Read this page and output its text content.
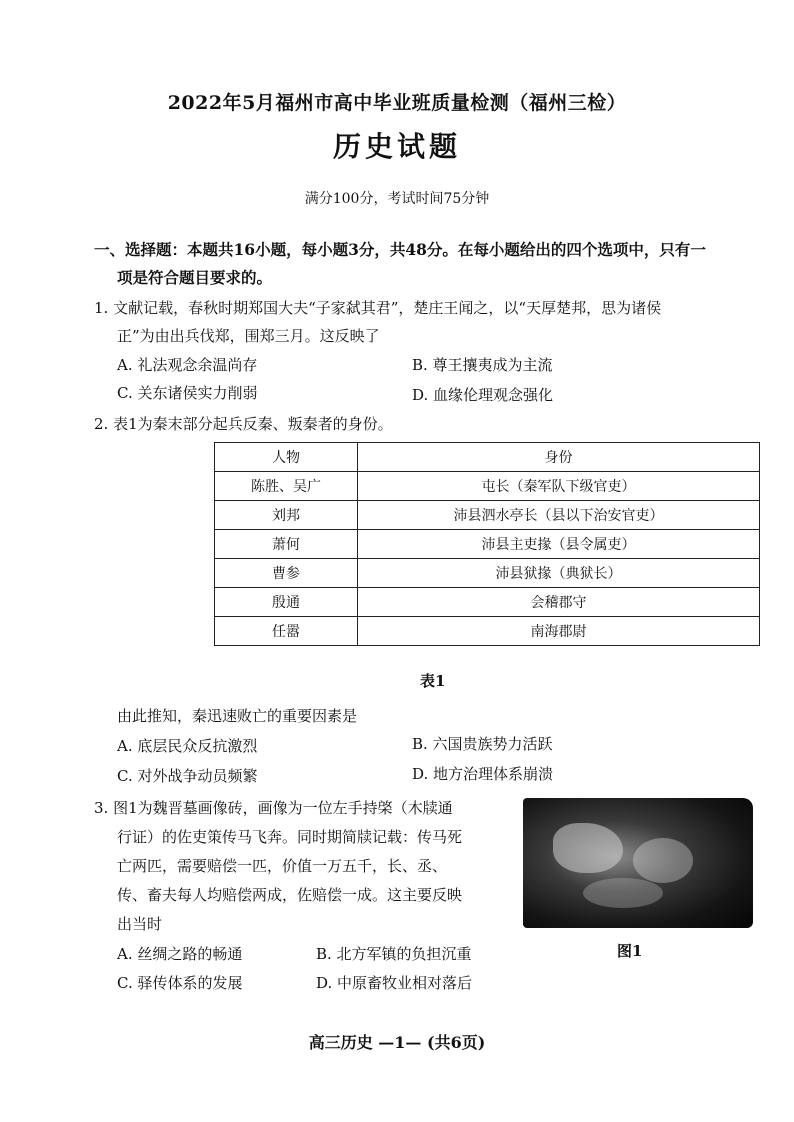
2022年5月福州市高中毕业班质量检测（福州三检）
历史试题
满分100分，考试时间75分钟
一、选择题：本题共16小题，每小题3分，共48分。在每小题给出的四个选项中，只有一
项是符合题目要求的。
1. 文献记载，春秋时期郑国大夫“子家弑其君”，楚庄王闻之，以“天厚楚邦，思为诸侯
正”为由出兵伐郑，围郑三月。这反映了
A. 礼法观念余温尚存	B. 尊王攘夷成为主流
C. 关东诸侯实力削弱	D. 血缘伦理观念强化
2. 表1为秦末部分起兵反秦、叛秦者的身份。
人物	身份
陈胜、吴广	屯长（秦军队下级官吏）
刘邦	沛县泗水亭长（县以下治安官吏）
萧何	沛县主吏掾（县令属吏）
曹参	沛县狱掾（典狱长）
殷通	会稽郡守
任嚣	南海郡尉
表1
由此推知，秦迅速败亡的重要因素是
A. 底层民众反抗激烈	B. 六国贵族势力活跃
C. 对外战争动员频繁	D. 地方治理体系崩溃
3. 图1为魏晋墓画像砖，画像为一位左手持棨（木牍通
行证）的佐吏策传马飞奔。同时期简牍记载：传马死
亡两匹，需要赔偿一匹，价值一万五千，长、丞、
传、畜夫每人均赔偿两成，佐赔偿一成。这主要反映
出当时
图1
A. 丝绸之路的畅通	B. 北方军镇的负担沉重
C. 驿传体系的发展	D. 中原畜牧业相对落后
高三历史 —1— (共6页)
